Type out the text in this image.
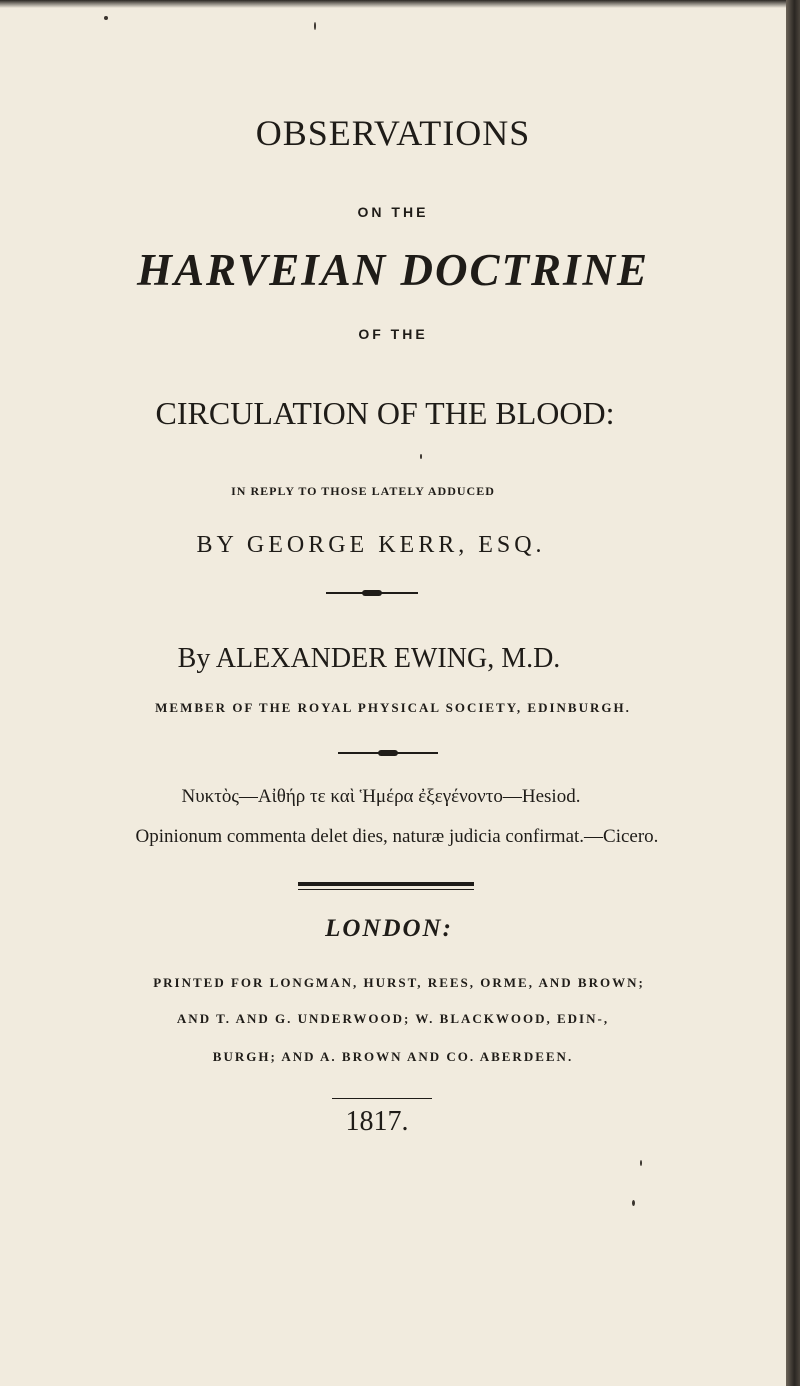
OBSERVATIONS
ON THE
HARVEIAN DOCTRINE
OF THE
CIRCULATION OF THE BLOOD:
IN REPLY TO THOSE LATELY ADDUCED
BY GEORGE KERR, ESQ.
By ALEXANDER EWING, M.D.
MEMBER OF THE ROYAL PHYSICAL SOCIETY, EDINBURGH.
Νυκτὸς—Αἰθήρ τε καὶ Ἡμέρα ἐξεγένοντο—Hesiod.
Opinionum commenta delet dies, naturæ judicia confirmat.—Cicero.
LONDON:
PRINTED FOR LONGMAN, HURST, REES, ORME, AND BROWN;
AND T. AND G. UNDERWOOD; W. BLACKWOOD, EDIN-,
BURGH; AND A. BROWN AND CO. ABERDEEN.
1817.
